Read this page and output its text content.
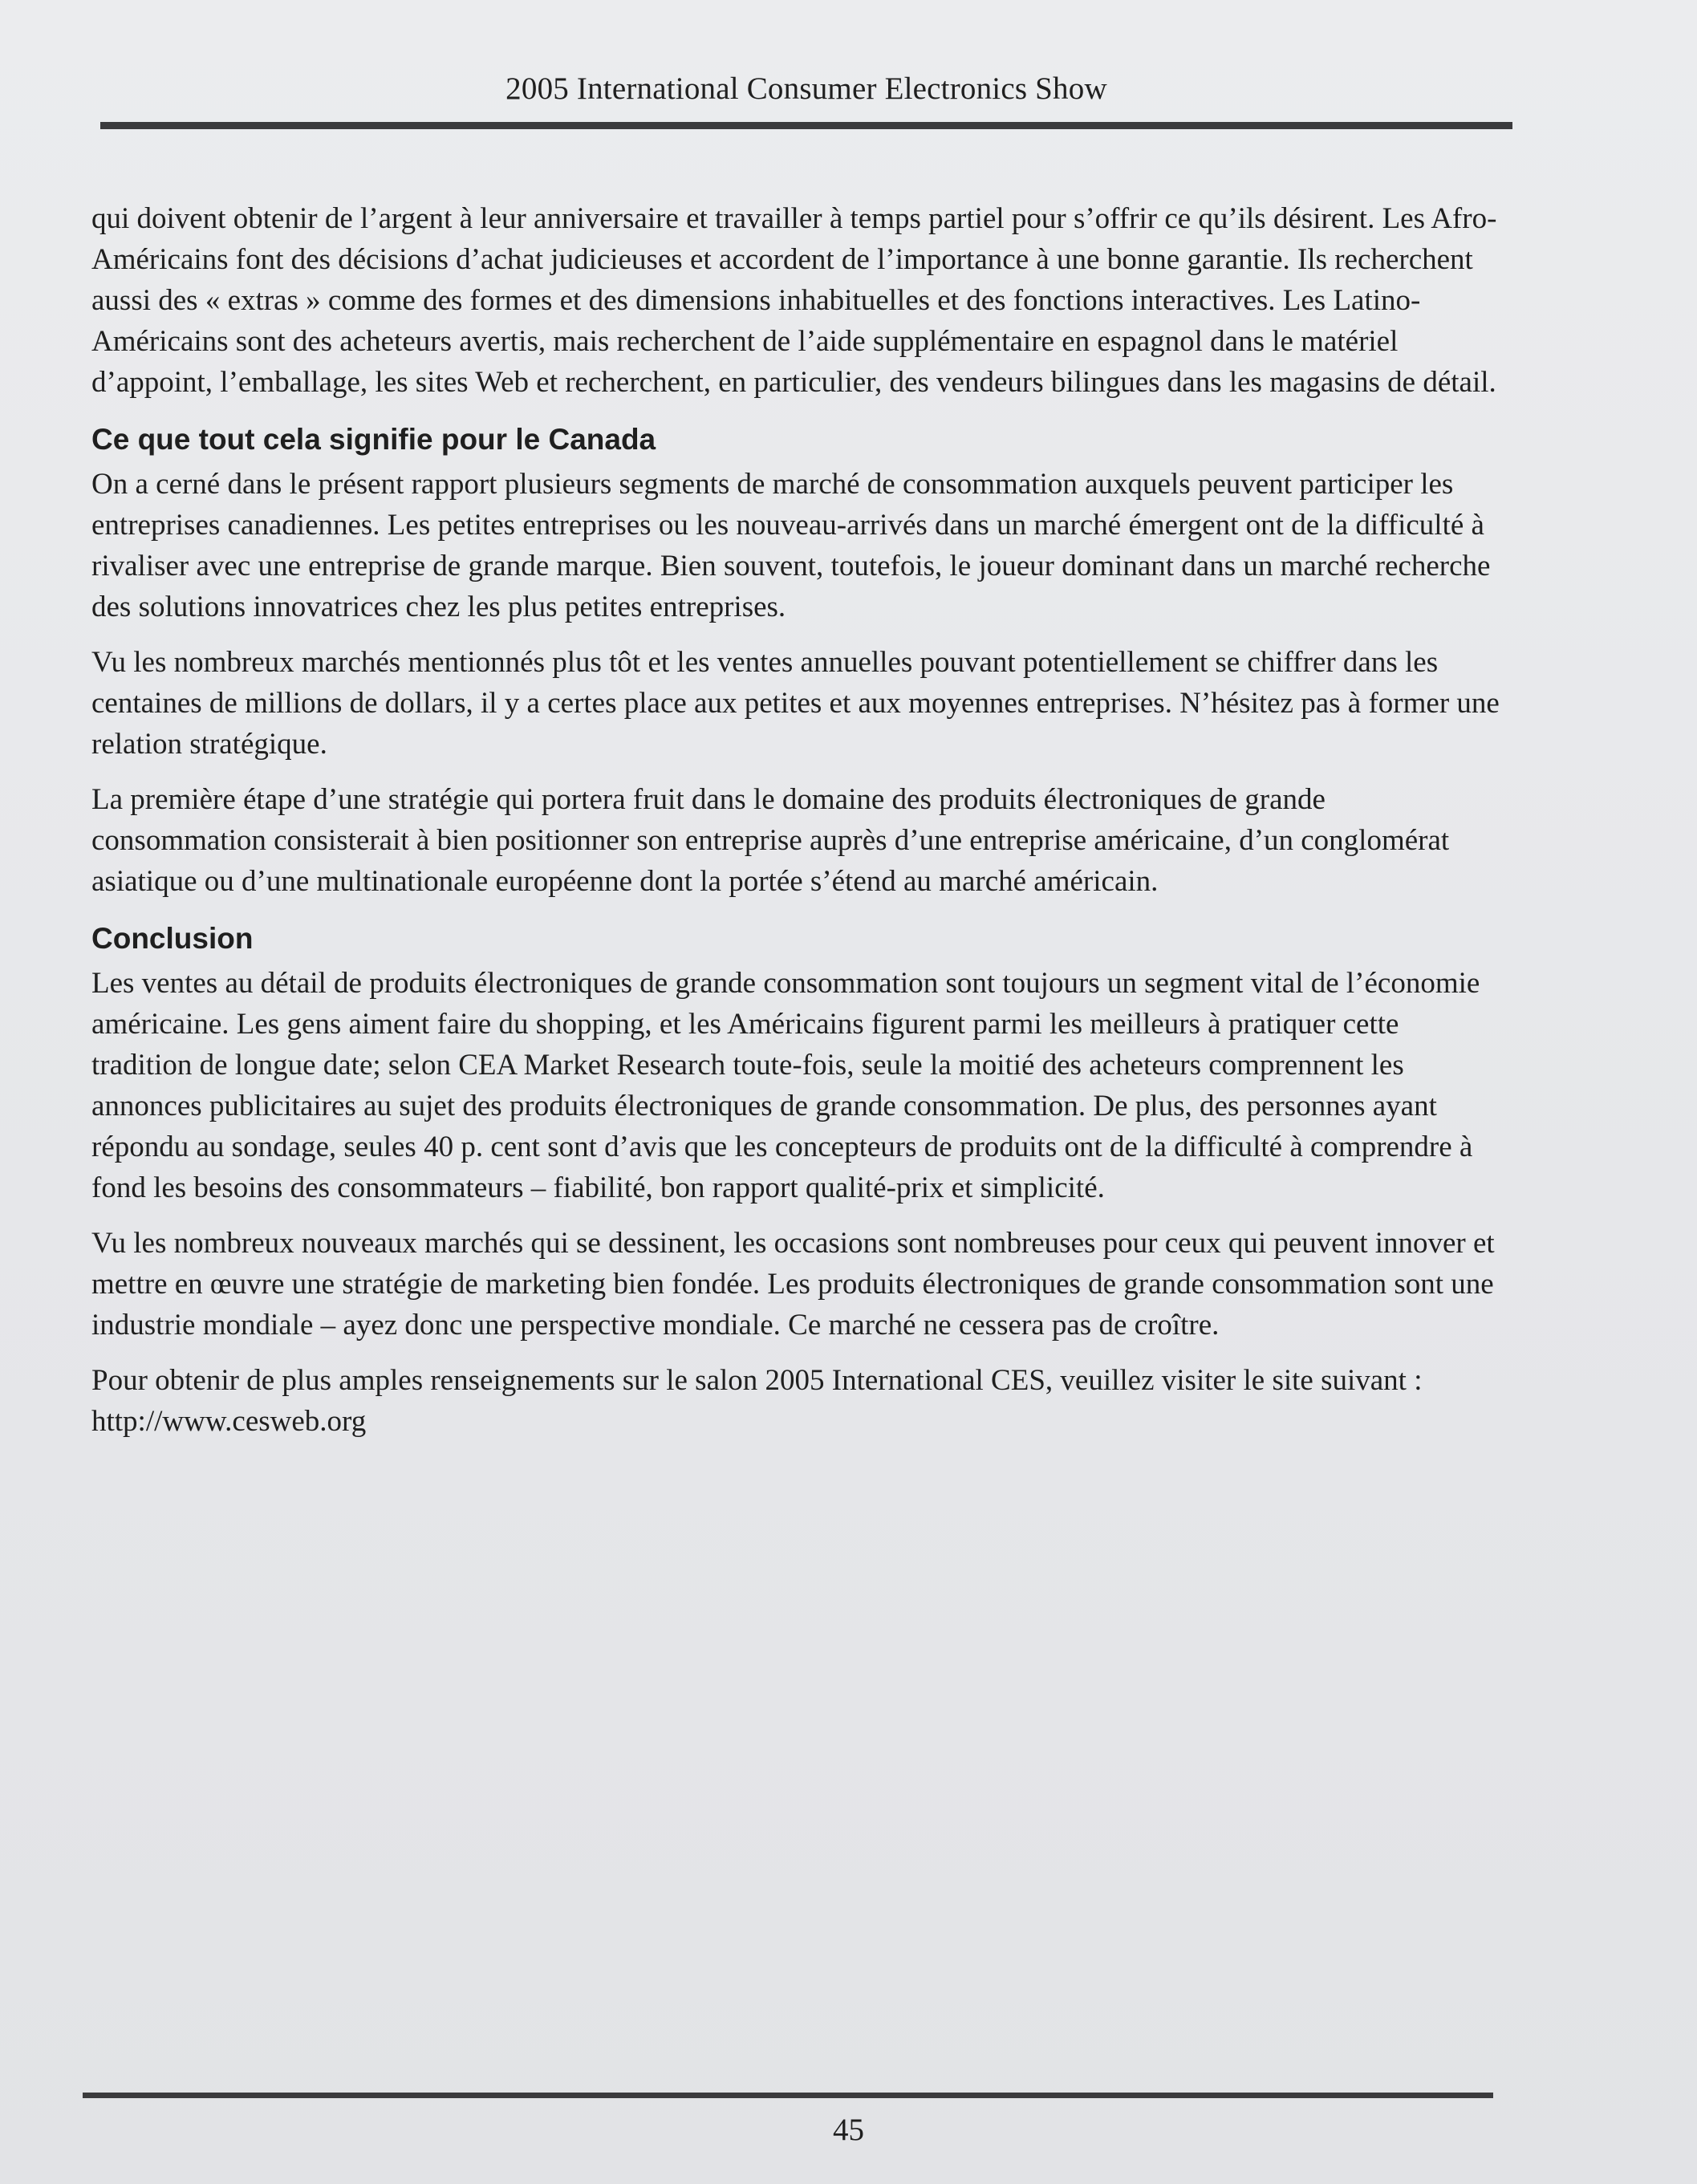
2005 International Consumer Electronics Show

qui doivent obtenir de l’argent à leur anniversaire et travailler à temps partiel pour s’offrir ce qu’ils désirent. Les Afro-Américains font des décisions d’achat judicieuses et accordent de l’importance à une bonne garantie. Ils recherchent aussi des « extras » comme des formes et des dimensions inhabituelles et des fonctions interactives. Les Latino-Américains sont des acheteurs avertis, mais recherchent de l’aide supplémentaire en espagnol dans le matériel d’appoint, l’emballage, les sites Web et recherchent, en particulier, des vendeurs bilingues dans les magasins de détail.

Ce que tout cela signifie pour le Canada

On a cerné dans le présent rapport plusieurs segments de marché de consommation auxquels peuvent participer les entreprises canadiennes. Les petites entreprises ou les nouveau-arrivés dans un marché émergent ont de la difficulté à rivaliser avec une entreprise de grande marque. Bien souvent, toutefois, le joueur dominant dans un marché recherche des solutions innovatrices chez les plus petites entreprises.

Vu les nombreux marchés mentionnés plus tôt et les ventes annuelles pouvant potentiellement se chiffrer dans les centaines de millions de dollars, il y a certes place aux petites et aux moyennes entreprises. N’hésitez pas à former une relation stratégique.

La première étape d’une stratégie qui portera fruit dans le domaine des produits électroniques de grande consommation consisterait à bien positionner son entreprise auprès d’une entreprise américaine, d’un conglomérat asiatique ou d’une multinationale européenne dont la portée s’étend au marché américain.

Conclusion

Les ventes au détail de produits électroniques de grande consommation sont toujours un segment vital de l’économie américaine. Les gens aiment faire du shopping, et les Américains figurent parmi les meilleurs à pratiquer cette tradition de longue date; selon CEA Market Research toute-fois, seule la moitié des acheteurs comprennent les annonces publicitaires au sujet des produits électroniques de grande consommation. De plus, des personnes ayant répondu au sondage, seules 40 p. cent sont d’avis que les concepteurs de produits ont de la difficulté à comprendre à fond les besoins des consommateurs – fiabilité, bon rapport qualité-prix et simplicité.

Vu les nombreux nouveaux marchés qui se dessinent, les occasions sont nombreuses pour ceux qui peuvent innover et mettre en œuvre une stratégie de marketing bien fondée. Les produits électroniques de grande consommation sont une industrie mondiale – ayez donc une perspective mondiale. Ce marché ne cessera pas de croître.

Pour obtenir de plus amples renseignements sur le salon 2005 International CES, veuillez visiter le site suivant : http://www.cesweb.org

45
